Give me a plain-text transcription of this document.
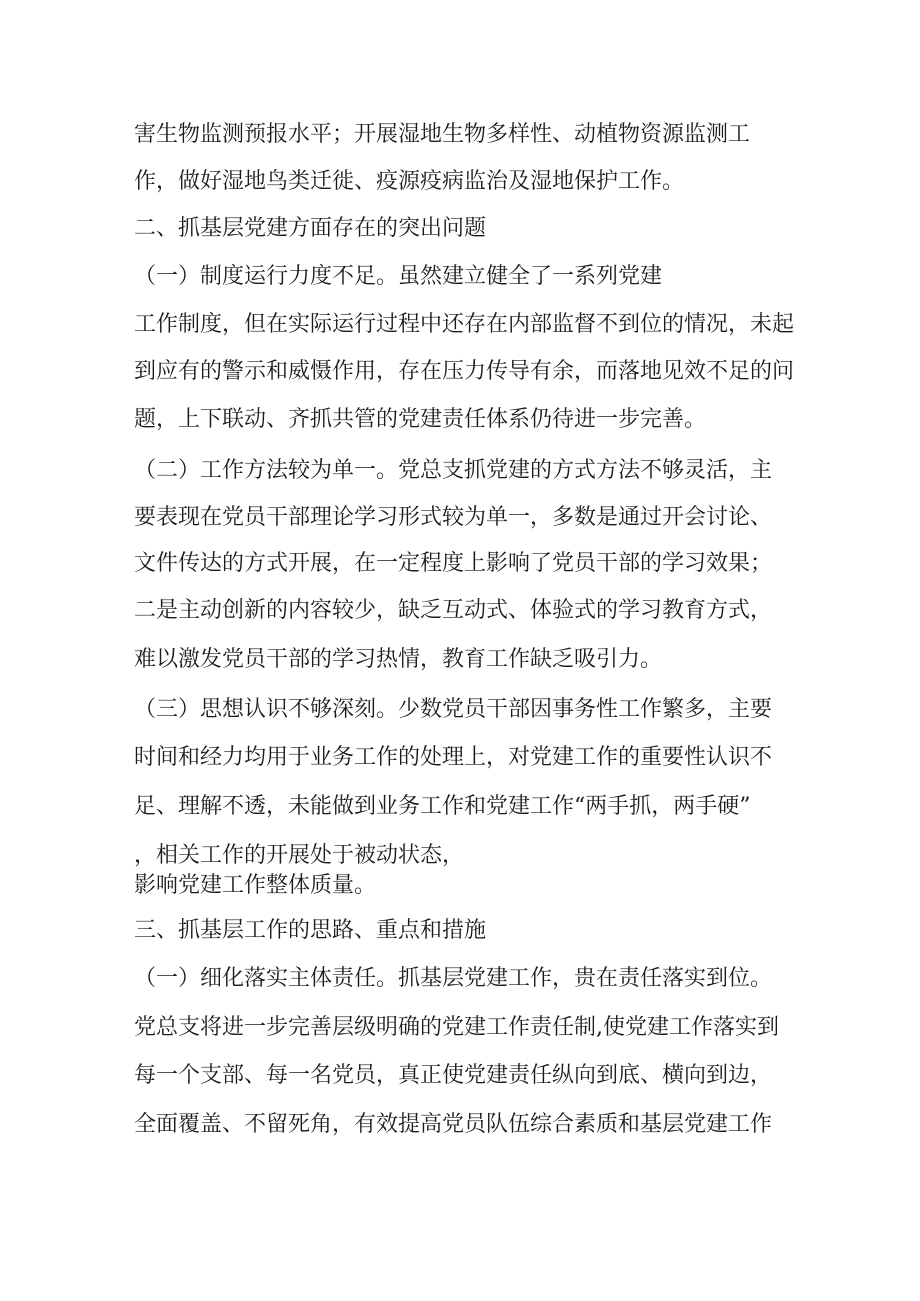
害生物监测预报水平；开展湿地生物多样性、动植物资源监测工

作，做好湿地鸟类迁徙、疫源疫病监治及湿地保护工作。

二、抓基层党建方面存在的突出问题

（一）制度运行力度不足。虽然建立健全了一系列党建

工作制度，但在实际运行过程中还存在内部监督不到位的情况，未起

到应有的警示和威慑作用，存在压力传导有余，而落地见效不足的问

题，上下联动、齐抓共管的党建责任体系仍待进一步完善。

（二）工作方法较为单一。党总支抓党建的方式方法不够灵活，主

要表现在党员干部理论学习形式较为单一，多数是通过开会讨论、

文件传达的方式开展，在一定程度上影响了党员干部的学习效果；

二是主动创新的内容较少，缺乏互动式、体验式的学习教育方式，

难以激发党员干部的学习热情，教育工作缺乏吸引力。

（三）思想认识不够深刻。少数党员干部因事务性工作繁多，主要

时间和经力均用于业务工作的处理上，对党建工作的重要性认识不

足、理解不透，未能做到业务工作和党建工作“两手抓，两手硬”

，相关工作的开展处于被动状态，

影响党建工作整体质量。

三、抓基层工作的思路、重点和措施

（一）细化落实主体责任。抓基层党建工作，贵在责任落实到位。

党总支将进一步完善层级明确的党建工作责任制,使党建工作落实到

每一个支部、每一名党员，真正使党建责任纵向到底、横向到边，

全面覆盖、不留死角，有效提高党员队伍综合素质和基层党建工作
